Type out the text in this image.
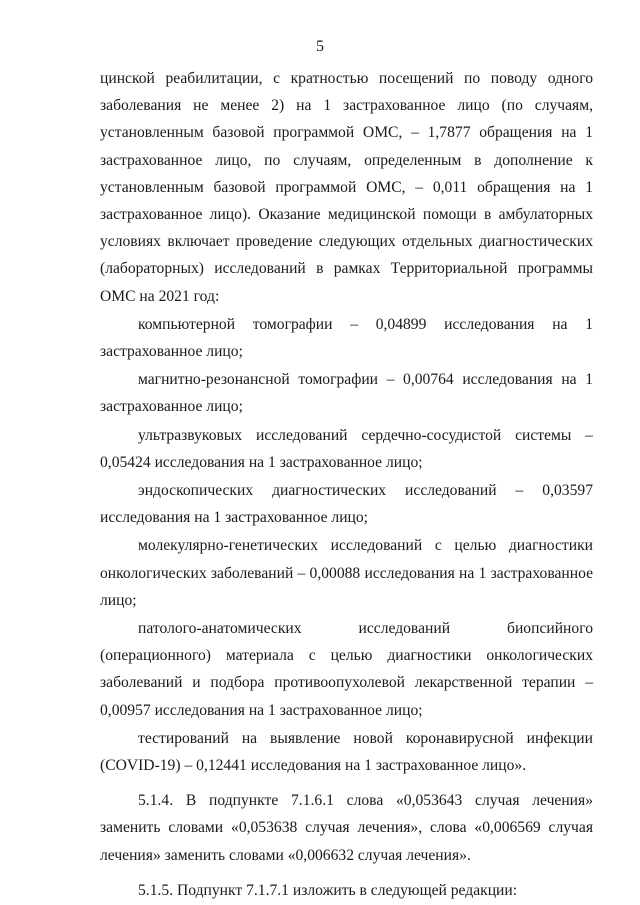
5

цинской реабилитации, с кратностью посещений по поводу одного заболевания не менее 2) на 1 застрахованное лицо (по случаям, установленным базовой программой ОМС, – 1,7877 обращения на 1 застрахованное лицо, по случаям, определенным в дополнение к установленным базовой программой ОМС, – 0,011 обращения на 1 застрахованное лицо). Оказание медицинской помощи в амбулаторных условиях включает проведение следующих отдельных диагностических (лабораторных) исследований в рамках Территориальной программы ОМС на 2021 год:

компьютерной томографии – 0,04899 исследования на 1 застрахованное лицо;

магнитно-резонансной томографии – 0,00764 исследования на 1 застрахованное лицо;

ультразвуковых исследований сердечно-сосудистой системы – 0,05424 исследования на 1 застрахованное лицо;

эндоскопических диагностических исследований – 0,03597 исследования на 1 застрахованное лицо;

молекулярно-генетических исследований с целью диагностики онкологических заболеваний – 0,00088 исследования на 1 застрахованное лицо;

патолого-анатомических исследований биопсийного (операционного) материала с целью диагностики онкологических заболеваний и подбора противоопухолевой лекарственной терапии – 0,00957 исследования на 1 застрахованное лицо;

тестирований на выявление новой коронавирусной инфекции (COVID-19) – 0,12441 исследования на 1 застрахованное лицо».

5.1.4. В подпункте 7.1.6.1 слова «0,053643 случая лечения» заменить словами «0,053638 случая лечения», слова «0,006569 случая лечения» заменить словами «0,006632 случая лечения».

5.1.5. Подпункт 7.1.7.1 изложить в следующей редакции:
